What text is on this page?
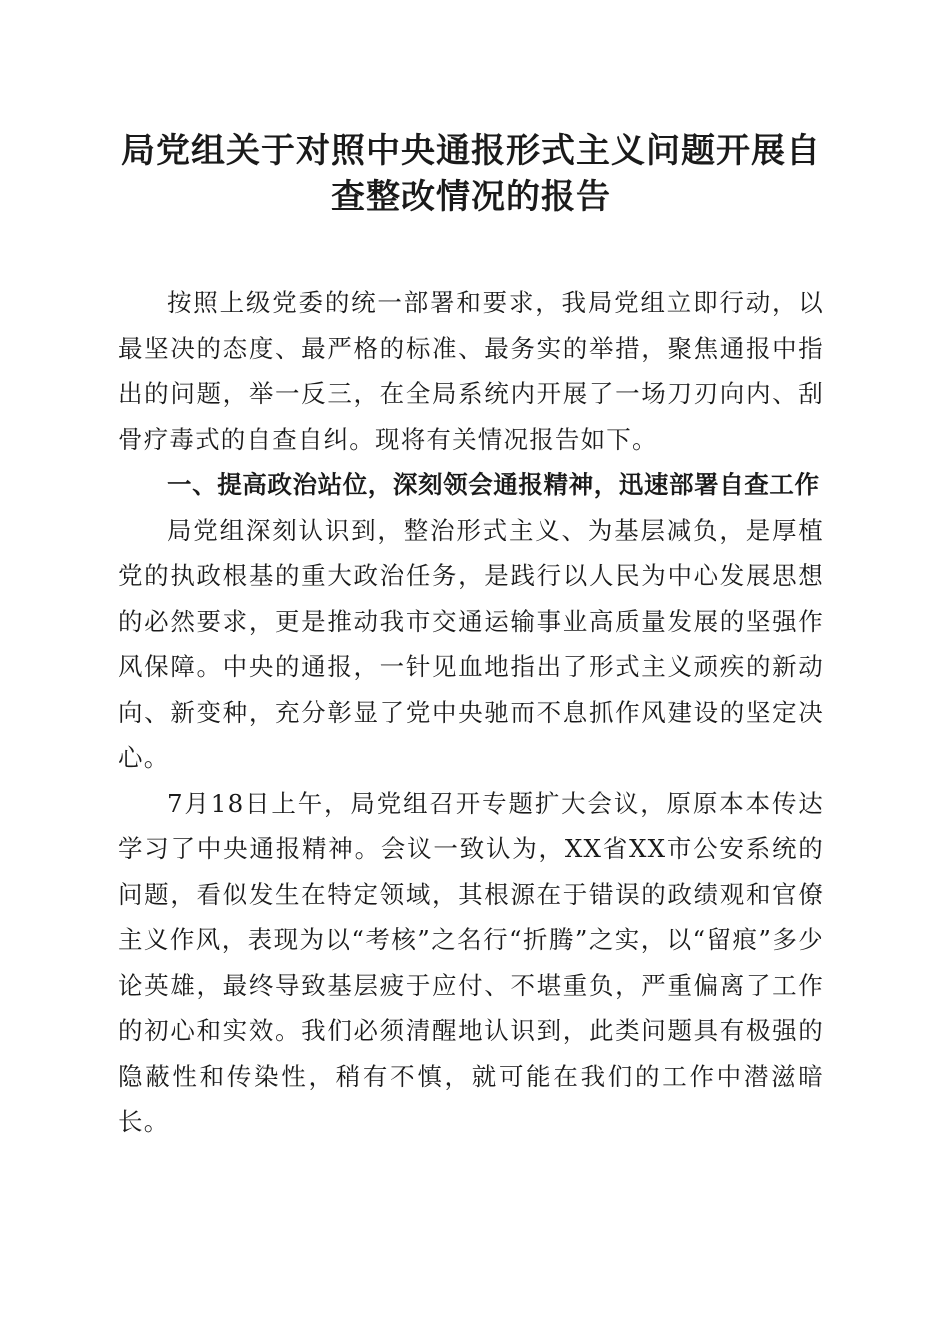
局党组关于对照中央通报形式主义问题开展自
查整改情况的报告

按照上级党委的统一部署和要求，我局党组立即行动，以最坚决的态度、最严格的标准、最务实的举措，聚焦通报中指出的问题，举一反三，在全局系统内开展了一场刀刃向内、刮骨疗毒式的自查自纠。现将有关情况报告如下。

一、提高政治站位，深刻领会通报精神，迅速部署自查工作

局党组深刻认识到，整治形式主义、为基层减负，是厚植党的执政根基的重大政治任务，是践行以人民为中心发展思想的必然要求，更是推动我市交通运输事业高质量发展的坚强作风保障。中央的通报，一针见血地指出了形式主义顽疾的新动向、新变种，充分彰显了党中央驰而不息抓作风建设的坚定决心。

7月18日上午，局党组召开专题扩大会议，原原本本传达学习了中央通报精神。会议一致认为，XX省XX市公安系统的问题，看似发生在特定领域，其根源在于错误的政绩观和官僚主义作风，表现为以“考核”之名行“折腾”之实，以“留痕”多少论英雄，最终导致基层疲于应付、不堪重负，严重偏离了工作的初心和实效。我们必须清醒地认识到，此类问题具有极强的隐蔽性和传染性，稍有不慎，就可能在我们的工作中潜滋暗长。
